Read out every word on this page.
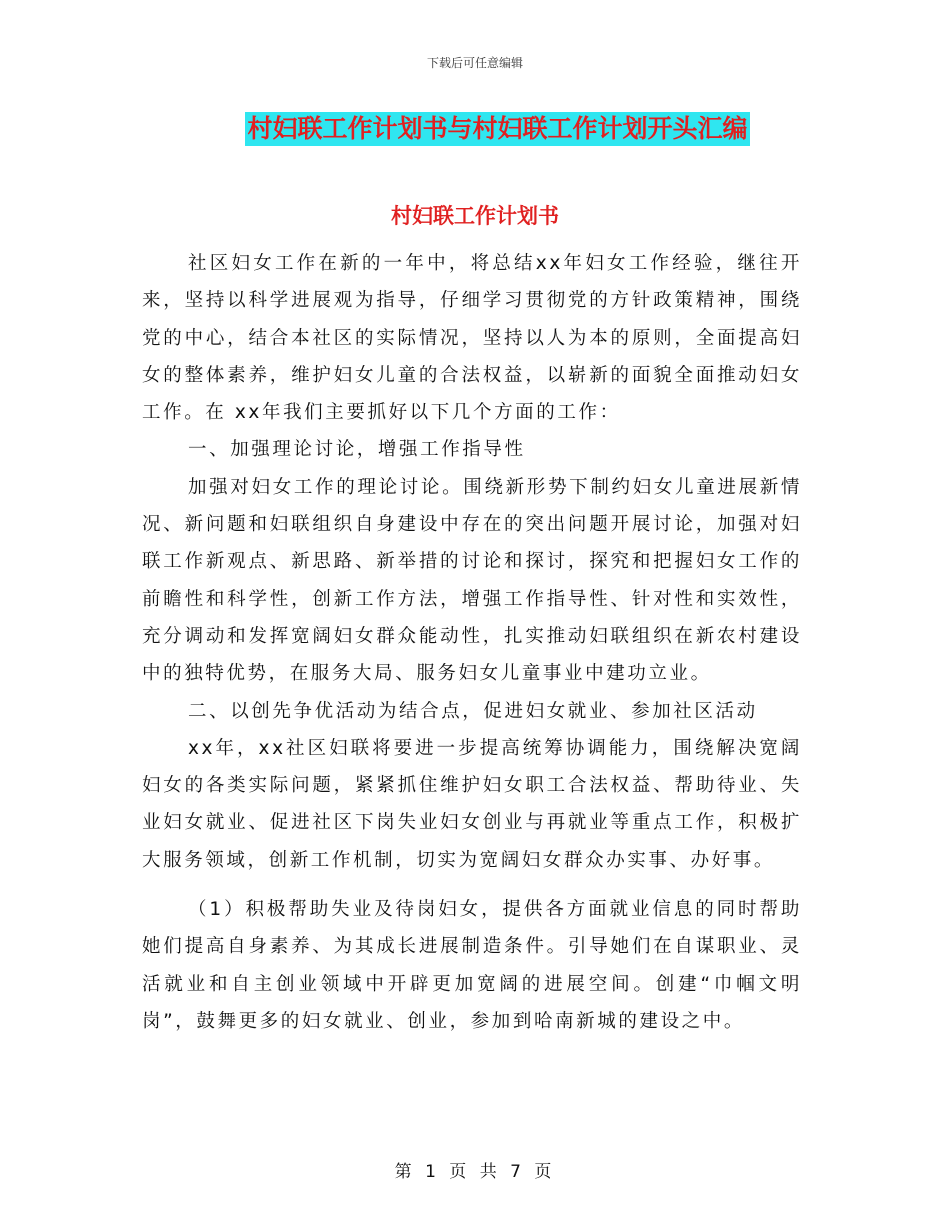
下载后可任意编辑
村妇联工作计划书与村妇联工作计划开头汇编
村妇联工作计划书

社区妇女工作在新的一年中，将总结xx年妇女工作经验，继往开来，坚持以科学进展观为指导，仔细学习贯彻党的方针政策精神，围绕党的中心，结合本社区的实际情况，坚持以人为本的原则，全面提高妇女的整体素养，维护妇女儿童的合法权益，以崭新的面貌全面推动妇女工作。在 xx年我们主要抓好以下几个方面的工作：

一、加强理论讨论，增强工作指导性

加强对妇女工作的理论讨论。围绕新形势下制约妇女儿童进展新情况、新问题和妇联组织自身建设中存在的突出问题开展讨论，加强对妇联工作新观点、新思路、新举措的讨论和探讨，探究和把握妇女工作的前瞻性和科学性，创新工作方法，增强工作指导性、针对性和实效性，充分调动和发挥宽阔妇女群众能动性，扎实推动妇联组织在新农村建设中的独特优势，在服务大局、服务妇女儿童事业中建功立业。

二、以创先争优活动为结合点，促进妇女就业、参加社区活动

xx年，xx社区妇联将要进一步提高统筹协调能力，围绕解决宽阔妇女的各类实际问题，紧紧抓住维护妇女职工合法权益、帮助待业、失业妇女就业、促进社区下岗失业妇女创业与再就业等重点工作，积极扩大服务领域，创新工作机制，切实为宽阔妇女群众办实事、办好事。

（1）积极帮助失业及待岗妇女，提供各方面就业信息的同时帮助她们提高自身素养、为其成长进展制造条件。引导她们在自谋职业、灵活就业和自主创业领域中开辟更加宽阔的进展空间。创建“巾帼文明岗”，鼓舞更多的妇女就业、创业，参加到哈南新城的建设之中。

第 1 页 共 7 页
